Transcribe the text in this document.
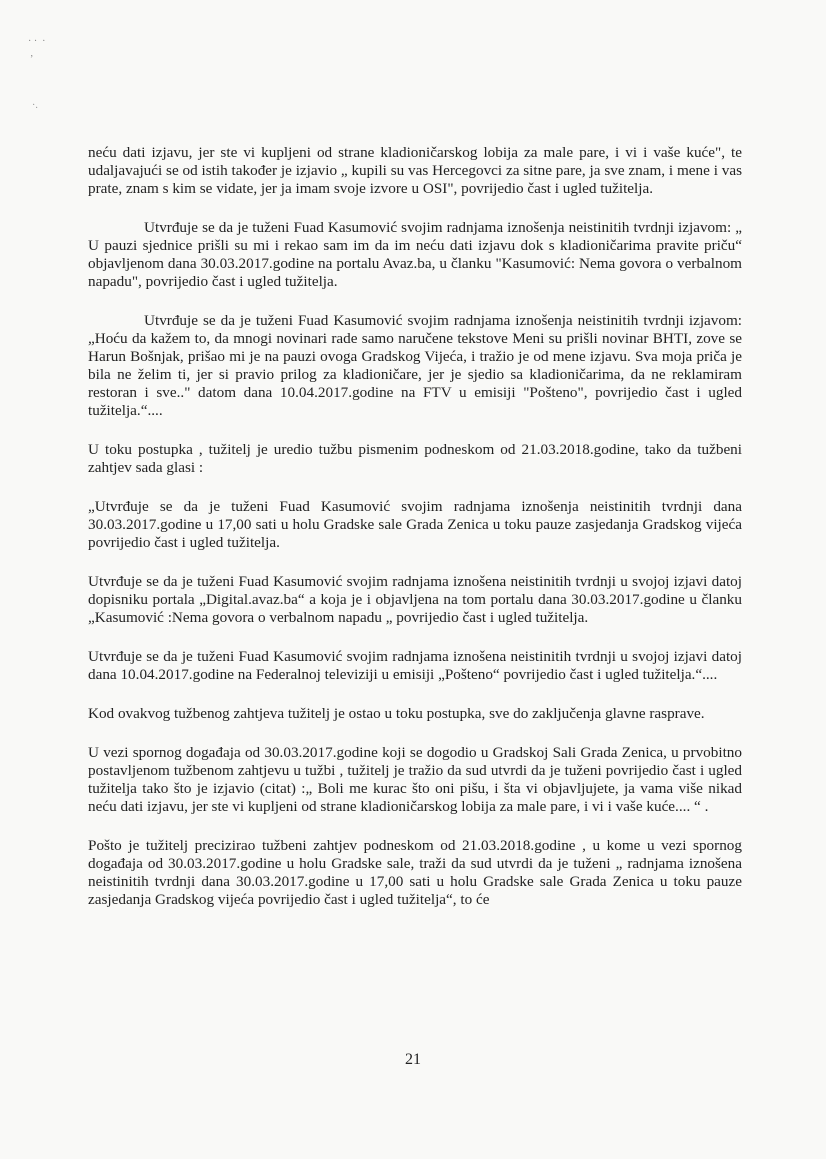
· ·  ·
,
·.

neću dati izjavu, jer ste vi kupljeni od strane kladioničarskog lobija za male pare, i vi i vaše kuće", te udaljavajući se od istih također je izjavio „ kupili su vas Hercegovci za sitne pare, ja sve znam, i mene i vas prate, znam s kim se vidate, jer ja imam svoje izvore u OSI", povrijedio čast i ugled tužitelja.

Utvrđuje se da je tuženi Fuad Kasumović svojim radnjama iznošenja neistinitih tvrdnji izjavom: „ U pauzi sjednice prišli su mi i rekao sam im da im neću dati izjavu dok s kladioničarima pravite priču“ objavljenom dana 30.03.2017.godine na portalu Avaz.ba, u članku "Kasumović: Nema govora o verbalnom napadu", povrijedio čast i ugled tužitelja.

Utvrđuje se da je tuženi Fuad Kasumović svojim radnjama iznošenja neistinitih tvrdnji izjavom: „Hoću da kažem to, da mnogi novinari rade samo naručene tekstove Meni su prišli novinar BHTI, zove se Harun Bošnjak, prišao mi je na pauzi ovoga Gradskog Vijeća, i tražio je od mene izjavu. Sva moja priča je bila ne želim ti, jer si pravio prilog za kladioničare, jer je sjedio sa kladioničarima, da ne reklamiram restoran i sve.." datom dana 10.04.2017.godine na FTV u emisiji "Pošteno", povrijedio čast i ugled tužitelja.“....

U toku postupka , tužitelj je uredio tužbu pismenim podneskom od 21.03.2018.godine, tako da tužbeni zahtjev sada glasi :

„Utvrđuje se da je tuženi Fuad Kasumović svojim radnjama iznošenja neistinitih tvrdnji dana 30.03.2017.godine u 17,00 sati u holu Gradske sale Grada Zenica u toku pauze zasjedanja Gradskog vijeća povrijedio čast i ugled tužitelja.

Utvrđuje se da je tuženi Fuad Kasumović svojim radnjama iznošena neistinitih tvrdnji u svojoj izjavi datoj dopisniku portala „Digital.avaz.ba“ a koja je i objavljena na tom portalu dana 30.03.2017.godine u članku „Kasumović :Nema govora o verbalnom napadu „ povrijedio čast i ugled tužitelja.

Utvrđuje se da je tuženi Fuad Kasumović svojim radnjama iznošena neistinitih tvrdnji u svojoj izjavi datoj dana 10.04.2017.godine na Federalnoj televiziji u emisiji „Pošteno“ povrijedio čast i ugled tužitelja.“....

Kod ovakvog tužbenog zahtjeva tužitelj je ostao u toku postupka, sve do zaključenja glavne rasprave.

U vezi spornog događaja od 30.03.2017.godine koji se dogodio u Gradskoj Sali Grada Zenica, u prvobitno postavljenom tužbenom zahtjevu u tužbi , tužitelj je tražio da sud utvrdi da je tuženi povrijedio čast i ugled tužitelja tako što je izjavio (citat) :„ Boli me kurac što oni pišu, i šta vi objavljujete, ja vama više nikad neću dati izjavu, jer ste vi kupljeni od strane kladioničarskog lobija za male pare, i vi i vaše kuće.... “ .

Pošto je tužitelj precizirao tužbeni zahtjev podneskom od 21.03.2018.godine , u kome u vezi spornog događaja od 30.03.2017.godine u holu Gradske sale, traži da sud utvrdi da je tuženi „ radnjama iznošena neistinitih tvrdnji dana 30.03.2017.godine u 17,00 sati u holu Gradske sale Grada Zenica u toku pauze zasjedanja Gradskog vijeća povrijedio čast i ugled tužitelja“, to će

21
